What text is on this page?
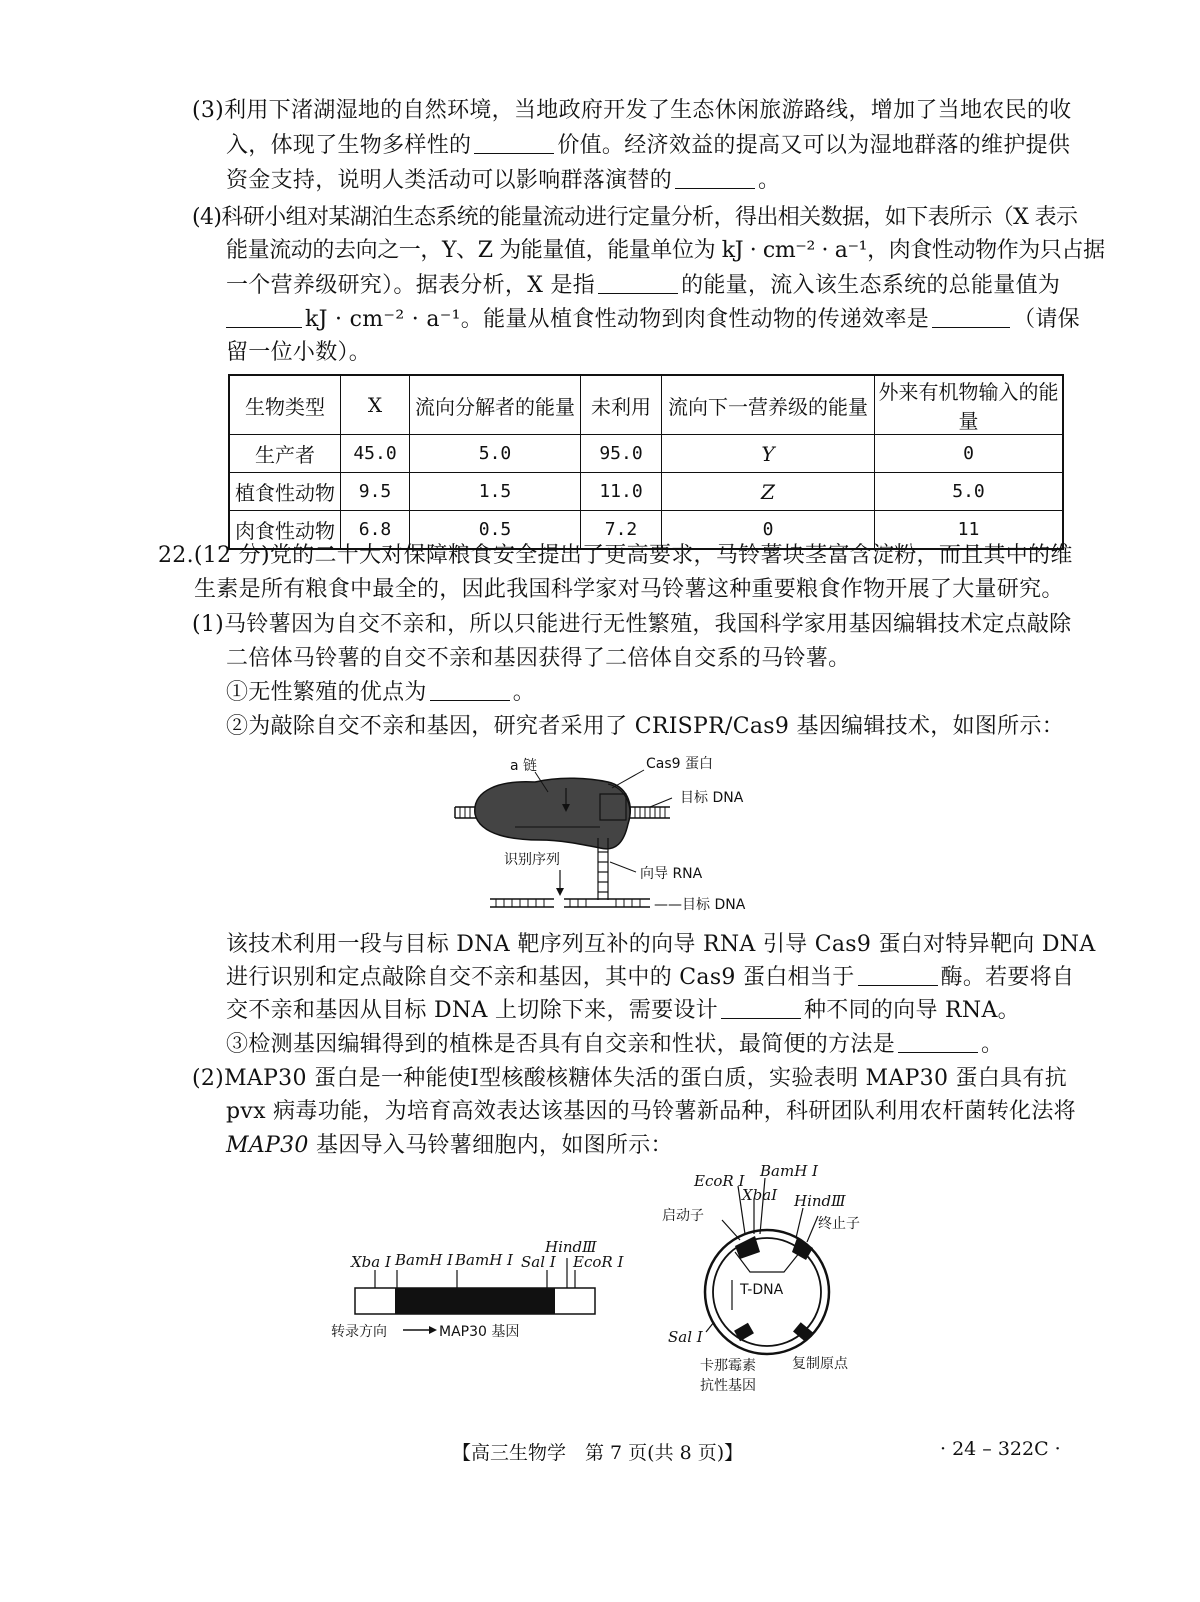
(3)利用下渚湖湿地的自然环境，当地政府开发了生态休闲旅游路线，增加了当地农民的收
入，体现了生物多样性的	价值。经济效益的提高又可以为湿地群落的维护提供
资金支持，说明人类活动可以影响群落演替的	。
(4)科研小组对某湖泊生态系统的能量流动进行定量分析，得出相关数据，如下表所示（X 表示
能量流动的去向之一，Y、Z 为能量值，能量单位为 kJ · cm⁻² · a⁻¹，肉食性动物作为只占据
一个营养级研究）。据表分析，X 是指	的能量，流入该生态系统的总能量值为
kJ · cm⁻² · a⁻¹。能量从植食性动物到肉食性动物的传递效率是	（请保
留一位小数）。
生物类型	X	流向分解者的能量	未利用	流向下一营养级的能量	外来有机物输入的能量
生产者	45.0	5.0	95.0	Y	0
植食性动物	9.5	1.5	11.0	Z	5.0
肉食性动物	6.8	0.5	7.2	0	11
22.(12 分)党的二十大对保障粮食安全提出了更高要求，马铃薯块茎富含淀粉，而且其中的维
生素是所有粮食中最全的，因此我国科学家对马铃薯这种重要粮食作物开展了大量研究。
(1)马铃薯因为自交不亲和，所以只能进行无性繁殖，我国科学家用基因编辑技术定点敲除
二倍体马铃薯的自交不亲和基因获得了二倍体自交系的马铃薯。
①无性繁殖的优点为	。
②为敲除自交不亲和基因，研究者采用了 CRISPR/Cas9 基因编辑技术，如图所示：
a 链	Cas9 蛋白
目标 DNA
识别序列
向导 RNA
——目标 DNA
该技术利用一段与目标 DNA 靶序列互补的向导 RNA 引导 Cas9 蛋白对特异靶向 DNA
进行识别和定点敲除自交不亲和基因，其中的 Cas9 蛋白相当于	酶。若要将自
交不亲和基因从目标 DNA 上切除下来，需要设计	种不同的向导 RNA。
③检测基因编辑得到的植株是否具有自交亲和性状，最简便的方法是	。
(2)MAP30 蛋白是一种能使Ⅰ型核酸核糖体失活的蛋白质，实验表明 MAP30 蛋白具有抗
pvx 病毒功能，为培育高效表达该基因的马铃薯新品种，科研团队利用农杆菌转化法将
MAP30 基因导入马铃薯细胞内，如图所示：
Xba Ⅰ BamH Ⅰ BamH Ⅰ Sal Ⅰ
HindⅢ
EcoR Ⅰ
转录方向	MAP30 基因
T-DNA
EcoR Ⅰ
BamH Ⅰ
XbaⅠ HindⅢ
启动子	终止子
Sal Ⅰ
卡那霉素
抗性基因
复制原点
【高三生物学　第 7 页(共 8 页)】	· 24 – 322C ·
